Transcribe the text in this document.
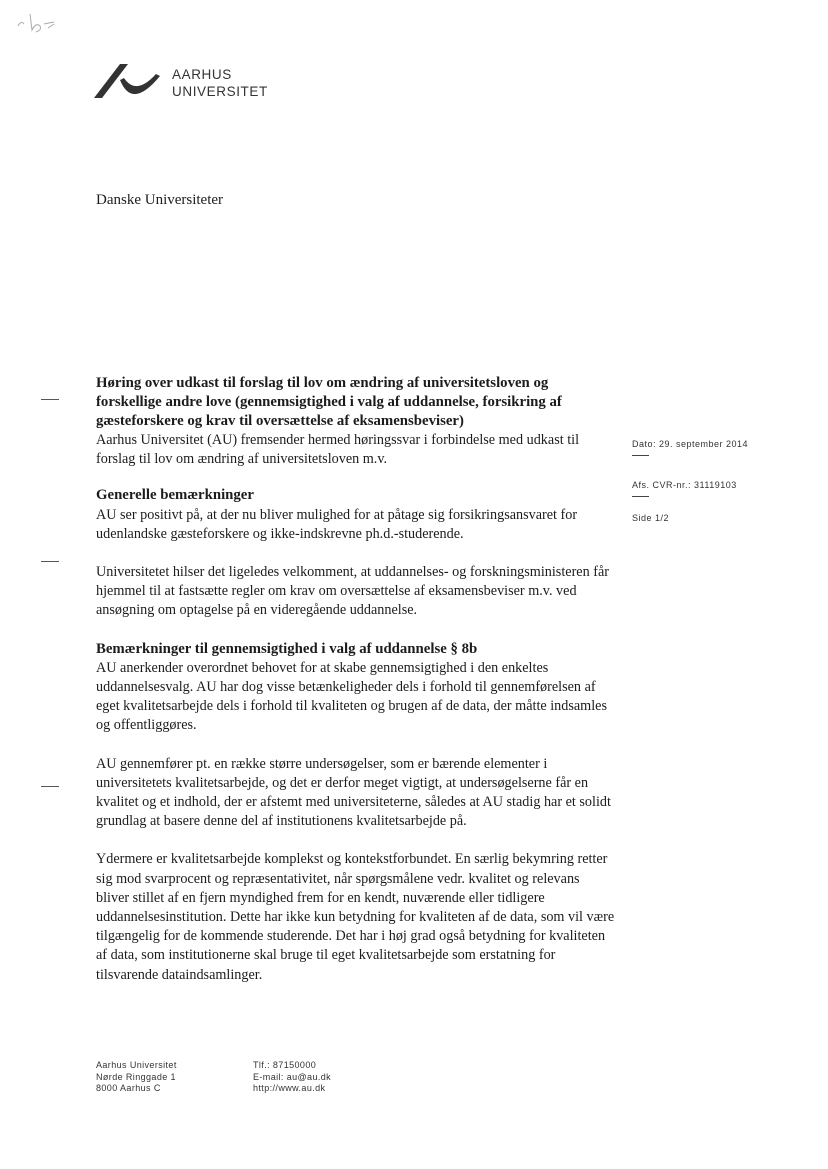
AARHUS
UNIVERSITET
Danske Universiteter

Høring over udkast til forslag til lov om ændring af universitetsloven og forskellige andre love (gennemsigtighed i valg af uddannelse, forsikring af gæsteforskere og krav til oversættelse af eksamensbeviser)

Aarhus Universitet (AU) fremsender hermed høringssvar i forbindelse med udkast til forslag til lov om ændring af universitetsloven m.v.

Generelle bemærkninger

AU ser positivt på, at der nu bliver mulighed for at påtage sig forsikringsansvaret for udenlandske gæsteforskere og ikke-indskrevne ph.d.-studerende.

Universitetet hilser det ligeledes velkomment, at uddannelses- og forskningsministeren får hjemmel til at fastsætte regler om krav om oversættelse af eksamensbeviser m.v. ved ansøgning om optagelse på en videregående uddannelse.

Bemærkninger til gennemsigtighed i valg af uddannelse § 8b

AU anerkender overordnet behovet for at skabe gennemsigtighed i den enkeltes uddannelsesvalg. AU har dog visse betænkeligheder dels i forhold til gennemførelsen af eget kvalitetsarbejde dels i forhold til kvaliteten og brugen af de data, der måtte indsamles og offentliggøres.

AU gennemfører pt. en række større undersøgelser, som er bærende elementer i universitetets kvalitetsarbejde, og det er derfor meget vigtigt, at undersøgelserne får en kvalitet og et indhold, der er afstemt med universiteterne, således at AU stadig har et solidt grundlag at basere denne del af institutionens kvalitetsarbejde på.

Ydermere er kvalitetsarbejde komplekst og kontekstforbundet. En særlig bekymring retter sig mod svarprocent og repræsentativitet, når spørgsmålene vedr. kvalitet og relevans bliver stillet af en fjern myndighed frem for en kendt, nuværende eller tidligere uddannelsesinstitution. Dette har ikke kun betydning for kvaliteten af de data, som vil være tilgængelig for de kommende studerende. Det har i høj grad også betydning for kvaliteten af data, som institutionerne skal bruge til eget kvalitetsarbejde som erstatning for tilsvarende dataindsamlinger.

Dato: 29. september 2014
Afs. CVR-nr.: 31119103
Side 1/2
Aarhus Universitet
Nørde Ringgade 1
8000 Aarhus C
Tlf.: 87150000
E-mail: au@au.dk
http://www.au.dk
